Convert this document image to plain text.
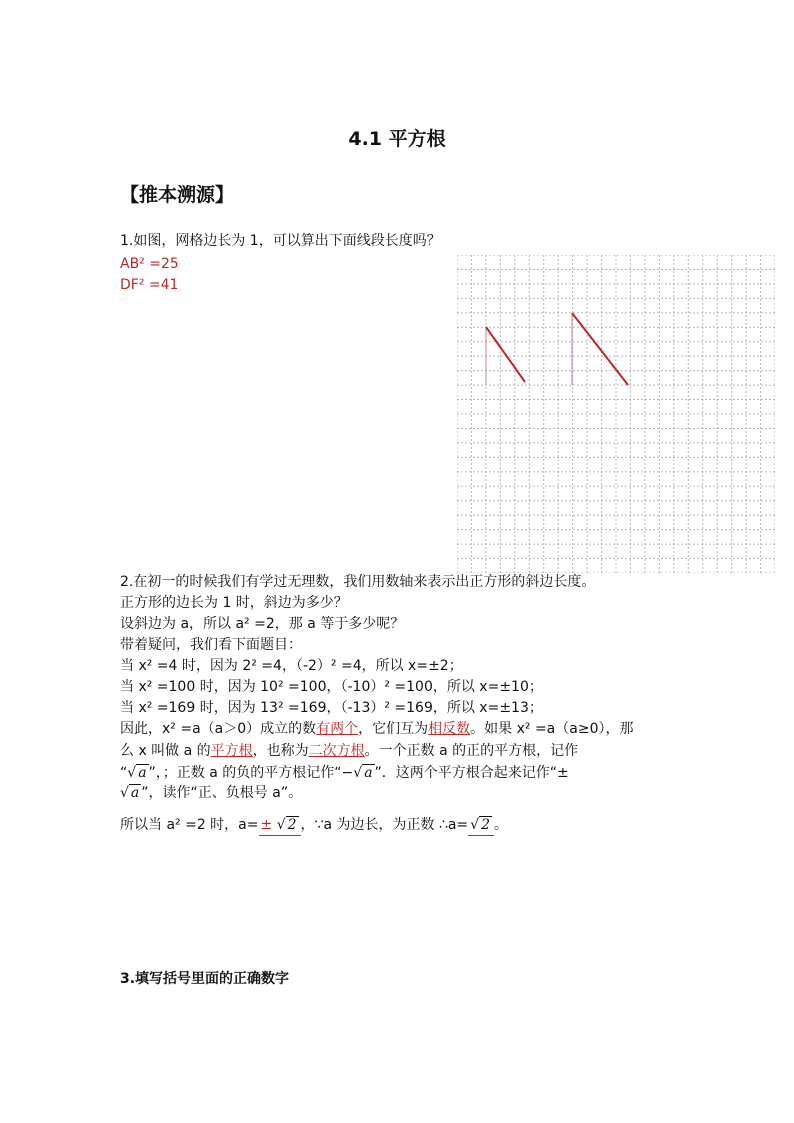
4.1 平方根
【推本溯源】
1.如图，网格边长为 1，可以算出下面线段长度吗？
AB² =25
DF² =41
2.在初一的时候我们有学过无理数，我们用数轴来表示出正方形的斜边长度。
正方形的边长为 1 时，斜边为多少？
设斜边为 a，所以 a² =2，那 a 等于多少呢？
带着疑问，我们看下面题目：
当 x² =4 时，因为 2² =4，（-2）² =4，所以 x=±2；
当 x² =100 时，因为 10² =100，（-10）² =100，所以 x=±10；
当 x² =169 时，因为 13² =169，（-13）² =169，所以 x=±13；
因此，x² =a（a＞0）成立的数有两个，它们互为相反数。如果 x² =a（a≥0），那
么 x 叫做 a 的平方根，也称为二次方根。一个正数 a 的正的平方根，记作
“√ a ”，；正数 a 的负的平方根记作“−√ a ”．这两个平方根合起来记作“±
√ a ”，读作“正、负根号 a”。
所以当 a² =2 时，a= ± √ 2 ，∵a 为边长，为正数 ∴a= √ 2 。
3.填写括号里面的正确数字
